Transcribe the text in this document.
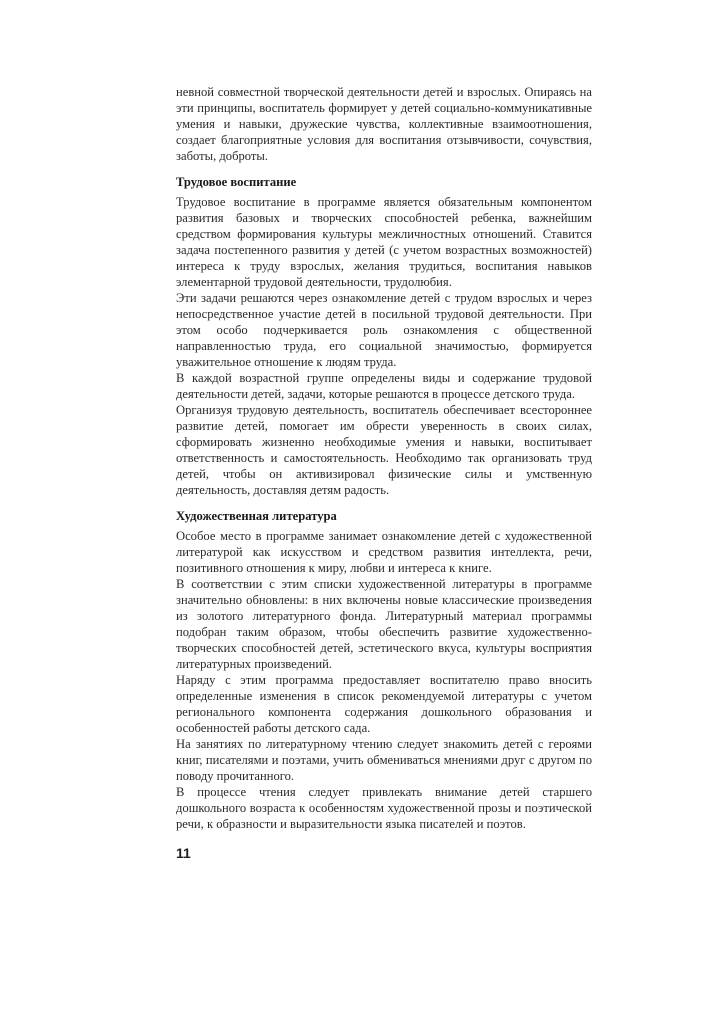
невной совместной творческой деятельности детей и взрослых. Опираясь на эти принципы, воспитатель формирует у детей социально-коммуникативные умения и навыки, дружеские чувства, коллективные взаимоотношения, создает благоприятные условия для воспитания отзывчивости, сочувствия, заботы, доброты.

Трудовое воспитание

Трудовое воспитание в программе является обязательным компонентом развития базовых и творческих способностей ребенка, важнейшим средством формирования культуры межличностных отношений. Ставится задача постепенного развития у детей (с учетом возрастных возможностей) интереса к труду взрослых, желания трудиться, воспитания навыков элементарной трудовой деятельности, трудолюбия.

Эти задачи решаются через ознакомление детей с трудом взрослых и через непосредственное участие детей в посильной трудовой деятельности. При этом особо подчеркивается роль ознакомления с общественной направленностью труда, его социальной значимостью, формируется уважительное отношение к людям труда.

В каждой возрастной группе определены виды и содержание трудовой деятельности детей, задачи, которые решаются в процессе детского труда.

Организуя трудовую деятельность, воспитатель обеспечивает всестороннее развитие детей, помогает им обрести уверенность в своих силах, сформировать жизненно необходимые умения и навыки, воспитывает ответственность и самостоятельность. Необходимо так организовать труд детей, чтобы он активизировал физические силы и умственную деятельность, доставляя детям радость.

Художественная литература

Особое место в программе занимает ознакомление детей с художественной литературой как искусством и средством развития интеллекта, речи, позитивного отношения к миру, любви и интереса к книге.

В соответствии с этим списки художественной литературы в программе значительно обновлены: в них включены новые классические произведения из золотого литературного фонда. Литературный материал программы подобран таким образом, чтобы обеспечить развитие художественно-творческих способностей детей, эстетического вкуса, культуры восприятия литературных произведений.

Наряду с этим программа предоставляет воспитателю право вносить определенные изменения в список рекомендуемой литературы с учетом регионального компонента содержания дошкольного образования и особенностей работы детского сада.

На занятиях по литературному чтению следует знакомить детей с героями книг, писателями и поэтами, учить обмениваться мнениями друг с другом по поводу прочитанного.

В процессе чтения следует привлекать внимание детей старшего дошкольного возраста к особенностям художественной прозы и поэтической речи, к образности и выразительности языка писателей и поэтов.

11
